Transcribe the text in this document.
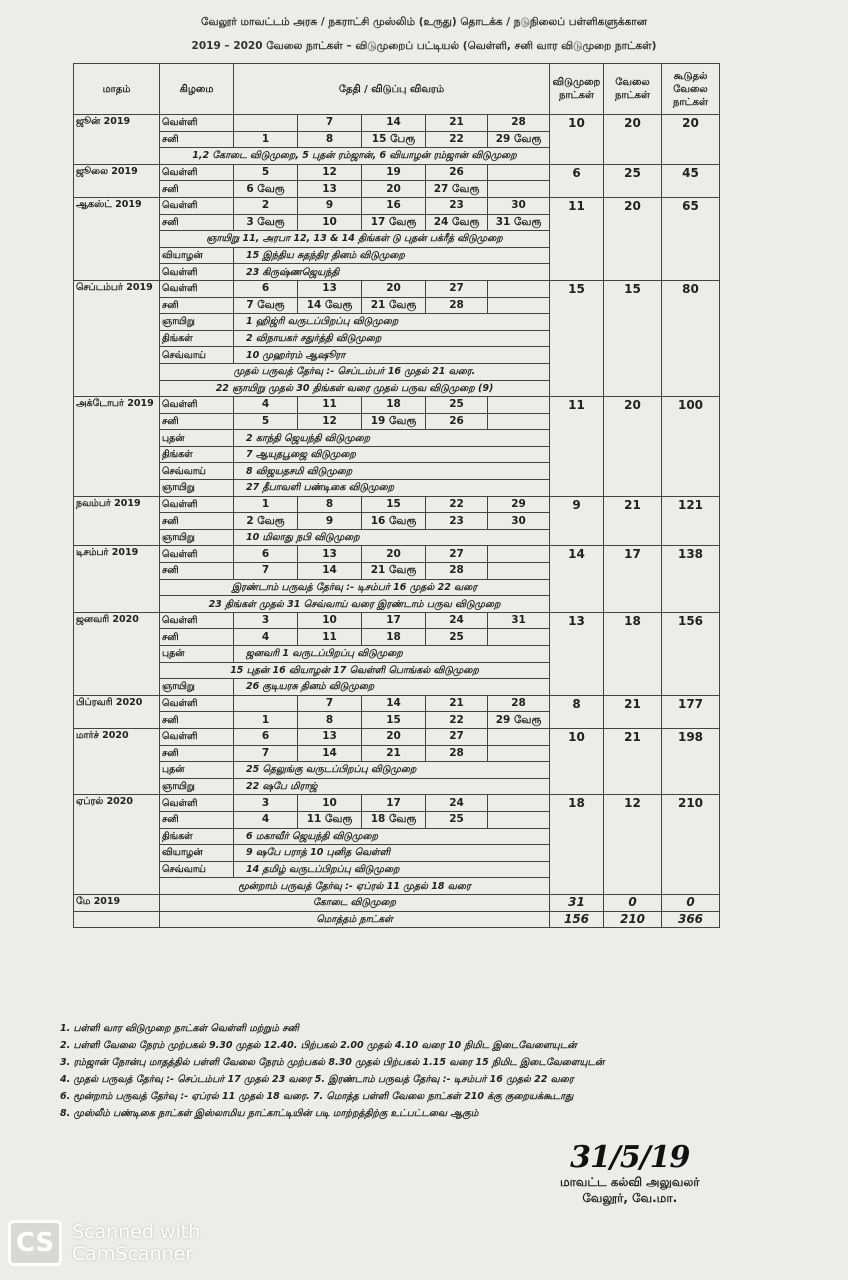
வேலூர் மாவட்டம் அரசு / நகராட்சி முஸ்லிம் (உருது) தொடக்க / நடுநிலைப் பள்ளிகளுக்கான
2019 – 2020 வேலை நாட்கள் – விடுமுறைப் பட்டியல் (வெள்ளி, சனி வார விடுமுறை நாட்கள்)
மாதம்	கிழமை	தேதி / விடுப்பு விவரம்					விடுமுறை நாட்கள்	வேலை நாட்கள்	கூடுதல் வேலை நாட்கள்
ஜூன் 2019	வெள்ளி		7	14	21	28	10	20	20
	சனி	1	8	15 பேரூ	22	29 வேரூ			
	1,2 கோடை விடுமுறை, 5 புதன் ரம்ஜான், 6 வியாழன் ரம்ஜான் விடுமுறை								
ஜூலை 2019	வெள்ளி	5	12	19	26		6	25	45
	சனி	6 வேரூ	13	20	27 வேரூ				
ஆகஸ்ட் 2019	வெள்ளி	2	9	16	23	30	11	20	65
	சனி	3 வேரூ	10	17 வேரூ	24 வேரூ	31 வேரூ			
	ஞாயிறு 11, அரபா 12, 13 & 14 திங்கள் டு புதன் பக்ரீத் விடுமுறை								
	வியாழன்	15 இந்திய சுதந்திர தினம் விடுமுறை							
	வெள்ளி	23 கிருஷ்ணஜெயந்தி							
செப்டம்பர் 2019	வெள்ளி	6	13	20	27		15	15	80
	சனி	7 வேரூ	14 வேரூ	21 வேரூ	28				
	ஞாயிறு	1 ஹிஜ்ரி வருடப்பிறப்பு விடுமுறை							
	திங்கள்	2 விநாயகர் சதுர்த்தி விடுமுறை							
	செவ்வாய்	10 முஹர்ரம் ஆஷூரா							
	முதல் பருவத் தேர்வு :- செப்டம்பர் 16 முதல் 21 வரை.								
	22 ஞாயிறு முதல் 30 திங்கள் வரை முதல் பருவ விடுமுறை (9)								
அக்டோபர் 2019	வெள்ளி	4	11	18	25		11	20	100
	சனி	5	12	19 வேரூ	26				
	புதன்	2 காந்தி ஜெயந்தி விடுமுறை							
	திங்கள்	7 ஆயுதபூஜை விடுமுறை							
	செவ்வாய்	8 விஜயதசமி விடுமுறை							
	ஞாயிறு	27 தீபாவளி பண்டிகை விடுமுறை							
நவம்பர் 2019	வெள்ளி	1	8	15	22	29	9	21	121
	சனி	2 வேரூ	9	16 வேரூ	23	30			
	ஞாயிறு	10 மிலாது நபி விடுமுறை							
டிசம்பர் 2019	வெள்ளி	6	13	20	27		14	17	138
	சனி	7	14	21 வேரூ	28				
	இரண்டாம் பருவத் தேர்வு :- டிசம்பர் 16 முதல் 22 வரை								
	23 திங்கள் முதல் 31 செவ்வாய் வரை இரண்டாம் பருவ விடுமுறை								
ஜனவரி 2020	வெள்ளி	3	10	17	24	31	13	18	156
	சனி	4	11	18	25				
	புதன்	ஜனவரி 1 வருடப்பிறப்பு விடுமுறை							
	15 புதன் 16 வியாழன் 17 வெள்ளி பொங்கல் விடுமுறை								
	ஞாயிறு	26 குடியரசு தினம் விடுமுறை							
பிப்ரவரி 2020	வெள்ளி		7	14	21	28	8	21	177
	சனி	1	8	15	22	29 வேரூ			
மார்ச் 2020	வெள்ளி	6	13	20	27		10	21	198
	சனி	7	14	21	28				
	புதன்	25 தெலுங்கு வருடப்பிறப்பு விடுமுறை							
	ஞாயிறு	22 ஷபே மிராஜ்							
ஏப்ரல் 2020	வெள்ளி	3	10	17	24		18	12	210
	சனி	4	11 வேரூ	18 வேரூ	25				
	திங்கள்	6 மகாவீர் ஜெயந்தி விடுமுறை							
	வியாழன்	9 ஷபே பராத் 10 புனித வெள்ளி							
	செவ்வாய்	14 தமிழ் வருடப்பிறப்பு விடுமுறை							
	மூன்றாம் பருவத் தேர்வு :- ஏப்ரல் 11 முதல் 18 வரை								
மே 2019	கோடை விடுமுறை						31	0	0
	மொத்தம் நாட்கள்						156	210	366
1. பள்ளி வார விடுமுறை நாட்கள் வெள்ளி மற்றும் சனி
2. பள்ளி வேலை நேரம் முற்பகல் 9.30 முதல் 12.40. பிற்பகல் 2.00 முதல் 4.10 வரை 10 நிமிட இடைவேளையுடன்
3. ரம்ஜான் நோன்பு மாதத்தில் பள்ளி வேலை நேரம் முற்பகல் 8.30 முதல் பிற்பகல் 1.15 வரை 15 நிமிட இடைவேளையுடன்
4. முதல் பருவத் தேர்வு :- செப்டம்பர் 17 முதல் 23 வரை 5. இரண்டாம் பருவத் தேர்வு :- டிசம்பர் 16 முதல் 22 வரை
6. மூன்றாம் பருவத் தேர்வு :- ஏப்ரல் 11 முதல் 18 வரை. 7. மொத்த பள்ளி வேலை நாட்கள் 210 க்கு குறையக்கூடாது
8. முஸ்லீம் பண்டிகை நாட்கள் இஸ்லாமிய நாட்காட்டியின் படி மாற்றத்திற்கு உட்பட்டவை ஆகும்
31/5/19
மாவட்ட கல்வி அலுவலர்
வேலூர், வே.மா.
CS Scanned with
CamScanner
